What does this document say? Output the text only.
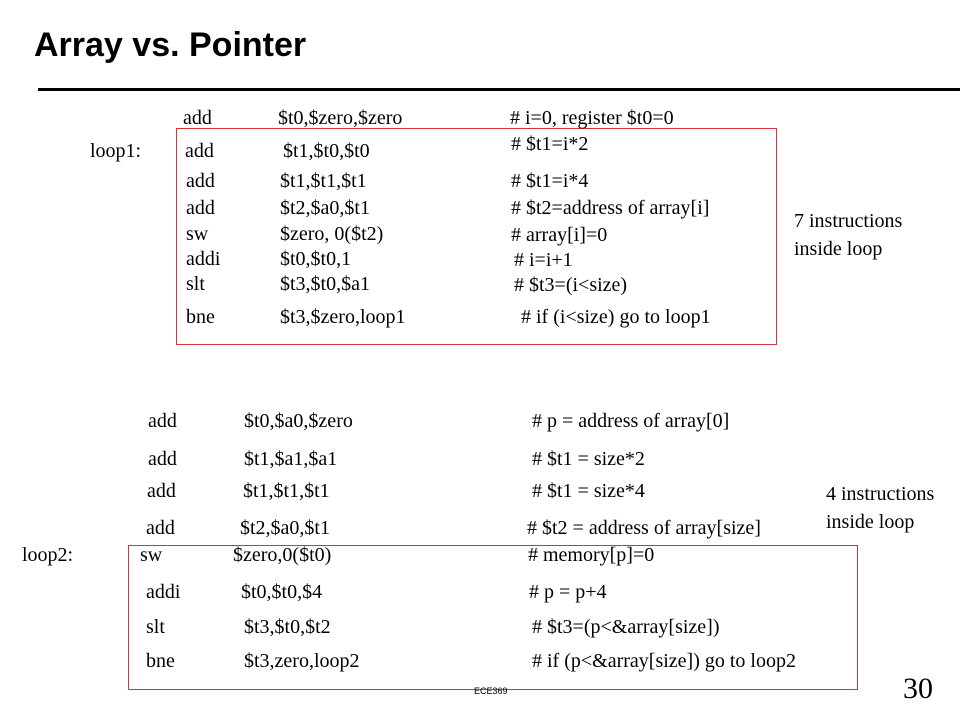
Array vs. Pointer
loop1:
add	$t0,$zero,$zero	# i=0, register $t0=0
add	$t1,$t0,$t0	# $t1=i*2
add	$t1,$t1,$t1	# $t1=i*4
add	$t2,$a0,$t1	# $t2=address of array[i]
sw	$zero, 0($t2)	# array[i]=0
addi	$t0,$t0,1	# i=i+1
slt	$t3,$t0,$a1	# $t3=(i<size)
bne	$t3,$zero,loop1	# if (i<size) go to loop1
7 instructions
inside loop
loop2:
add	$t0,$a0,$zero	# p = address of array[0]
add	$t1,$a1,$a1	# $t1 = size*2
add	$t1,$t1,$t1	# $t1 = size*4
add	$t2,$a0,$t1	# $t2 = address of array[size]
sw	$zero,0($t0)	# memory[p]=0
addi	$t0,$t0,$4	# p = p+4
slt	$t3,$t0,$t2	# $t3=(p<&array[size])
bne	$t3,zero,loop2	# if (p<&array[size]) go to loop2
4 instructions
inside loop
ECE369	30
